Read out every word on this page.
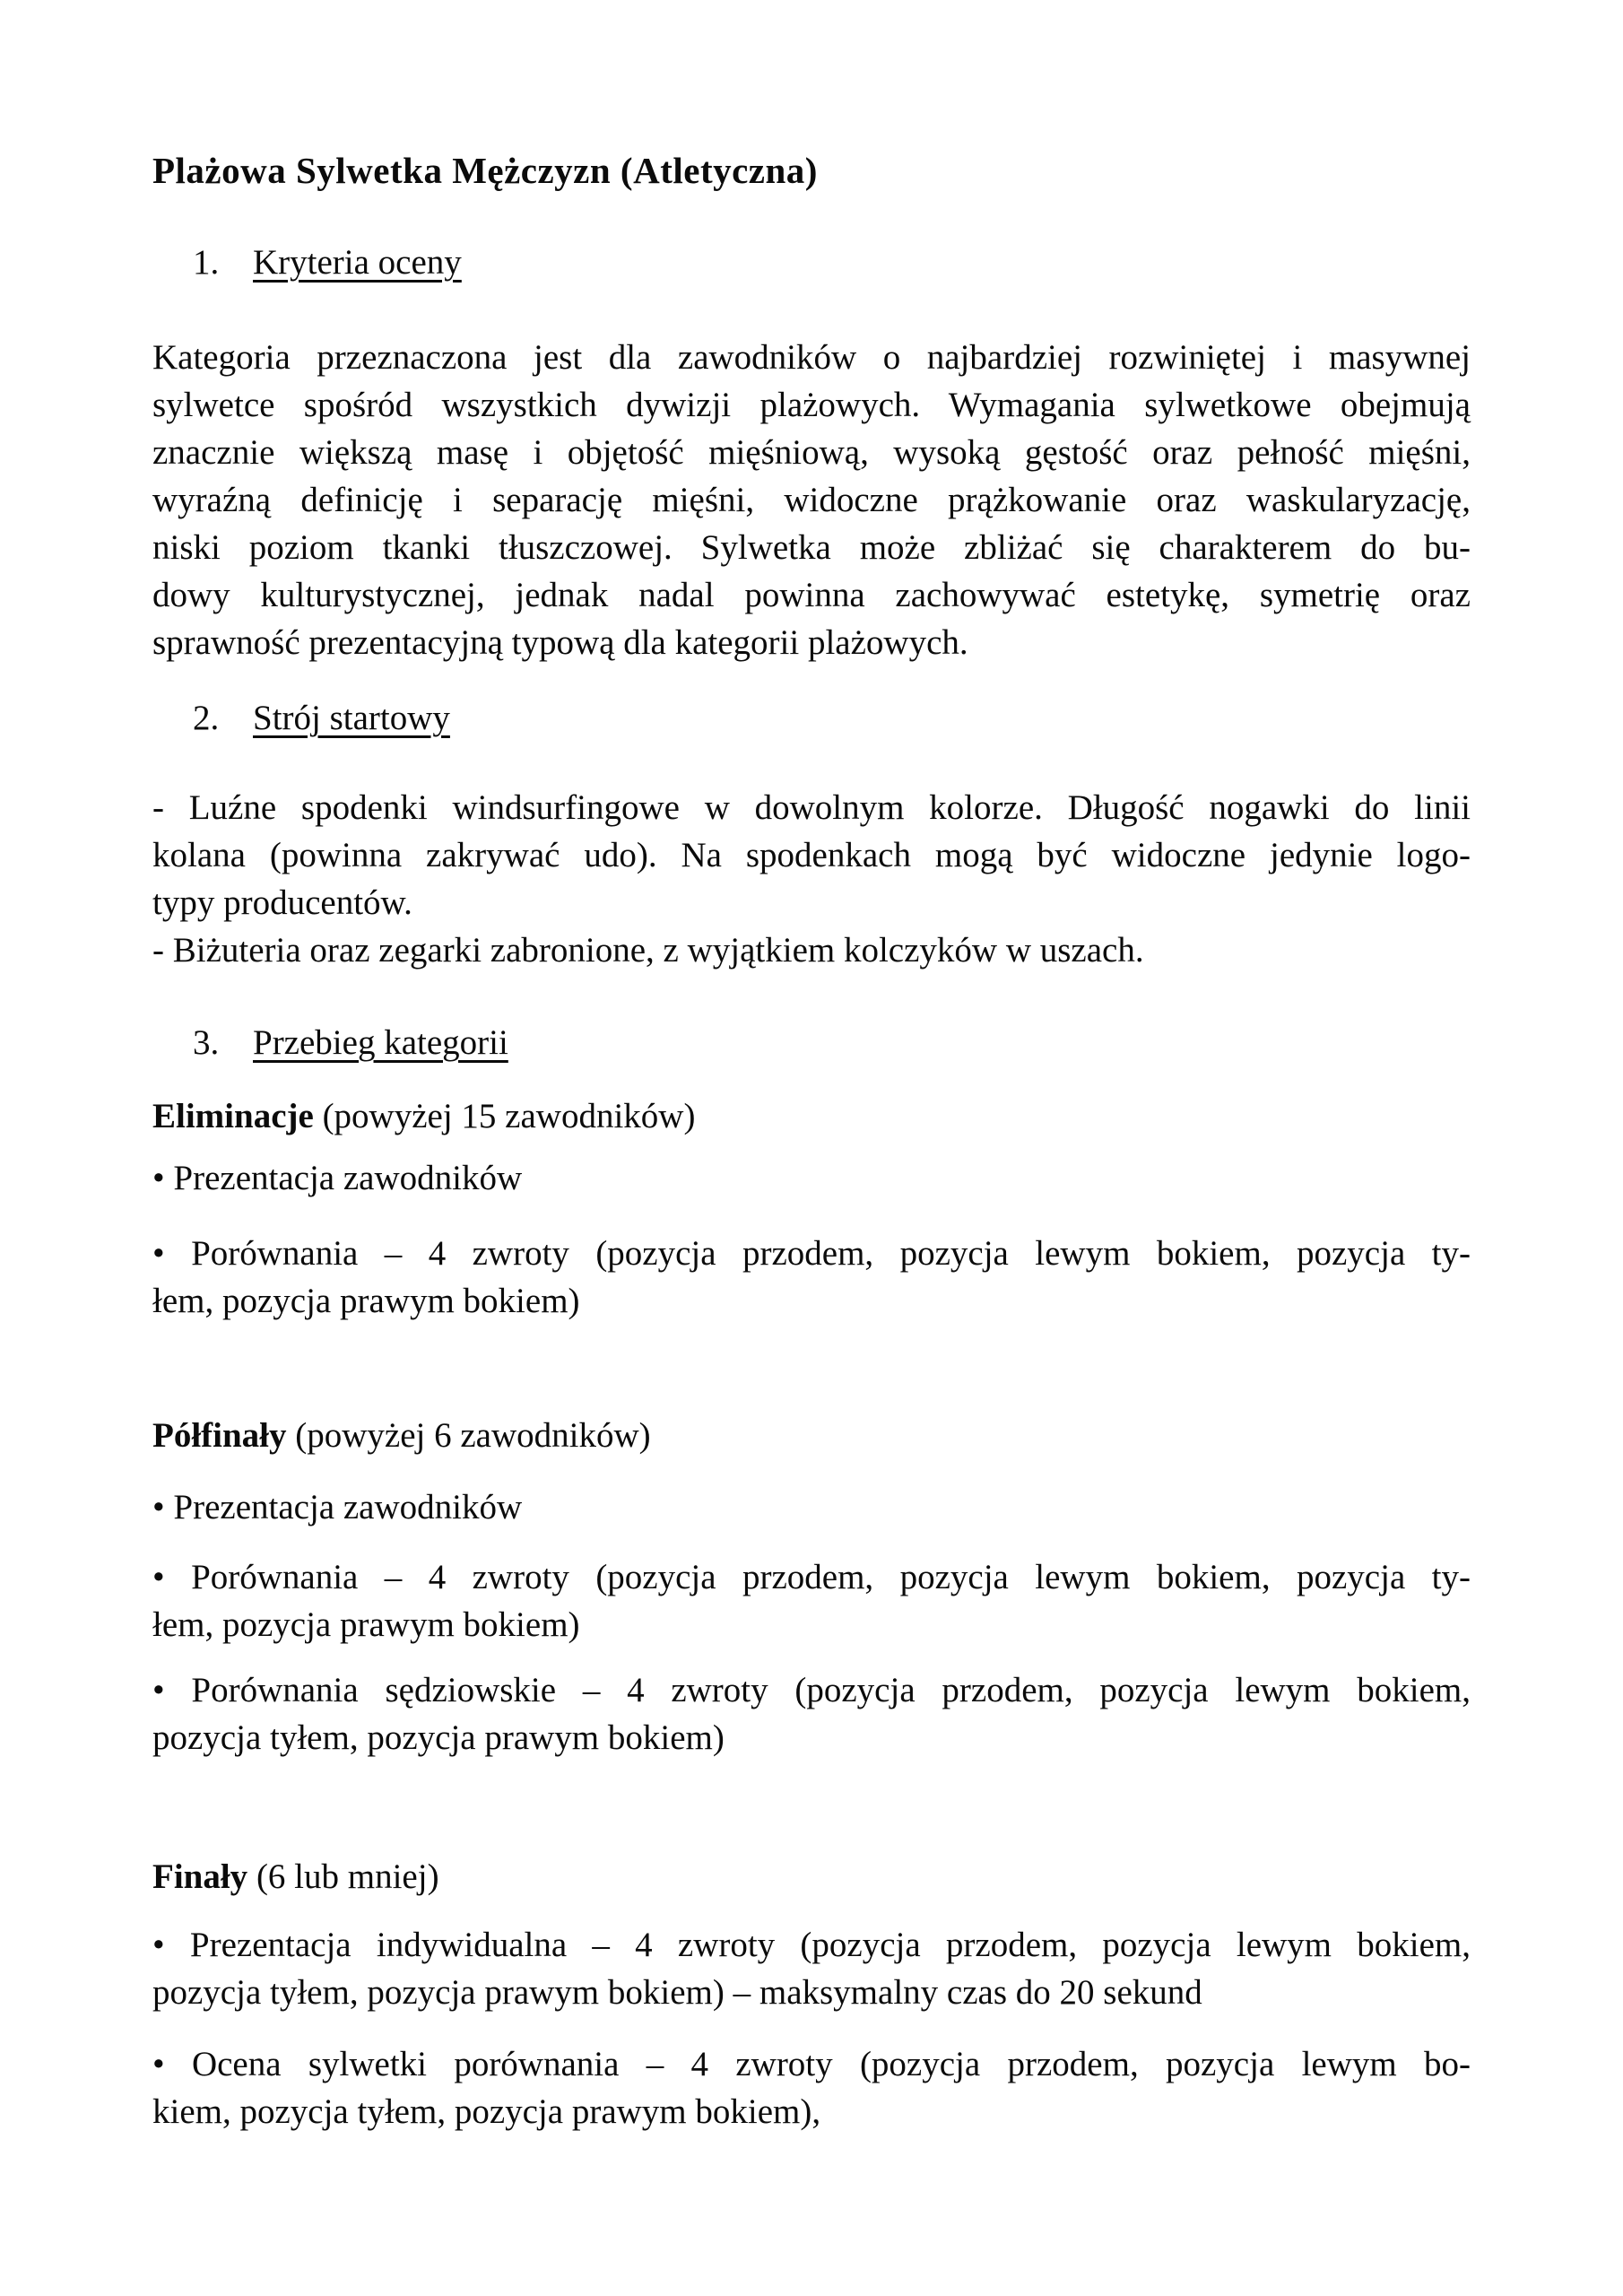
Plażowa Sylwetka Mężczyzn (Atletyczna)
1. Kryteria oceny
Kategoria przeznaczona jest dla zawodników o najbardziej rozwiniętej i masywnej
sylwetce spośród wszystkich dywizji plażowych. Wymagania sylwetkowe obejmują
znacznie większą masę i objętość mięśniową, wysoką gęstość oraz pełność mięśni,
wyraźną definicję i separację mięśni, widoczne prążkowanie oraz waskularyzację,
niski poziom tkanki tłuszczowej. Sylwetka może zbliżać się charakterem do bu-
dowy kulturystycznej, jednak nadal powinna zachowywać estetykę, symetrię oraz
sprawność prezentacyjną typową dla kategorii plażowych.
2. Strój startowy
- Luźne spodenki windsurfingowe w dowolnym kolorze. Długość nogawki do linii
kolana (powinna zakrywać udo). Na spodenkach mogą być widoczne jedynie logo-
typy producentów.
- Biżuteria oraz zegarki zabronione, z wyjątkiem kolczyków w uszach.
3. Przebieg kategorii
Eliminacje (powyżej 15 zawodników)
• Prezentacja zawodników
• Porównania – 4 zwroty (pozycja przodem, pozycja lewym bokiem, pozycja ty-
łem, pozycja prawym bokiem)
Półfinały (powyżej 6 zawodników)
• Prezentacja zawodników
• Porównania – 4 zwroty (pozycja przodem, pozycja lewym bokiem, pozycja ty-
łem, pozycja prawym bokiem)
• Porównania sędziowskie – 4 zwroty (pozycja przodem, pozycja lewym bokiem,
pozycja tyłem, pozycja prawym bokiem)
Finały (6 lub mniej)
• Prezentacja indywidualna – 4 zwroty (pozycja przodem, pozycja lewym bokiem,
pozycja tyłem, pozycja prawym bokiem) – maksymalny czas do 20 sekund
• Ocena sylwetki porównania – 4 zwroty (pozycja przodem, pozycja lewym bo-
kiem, pozycja tyłem, pozycja prawym bokiem),
